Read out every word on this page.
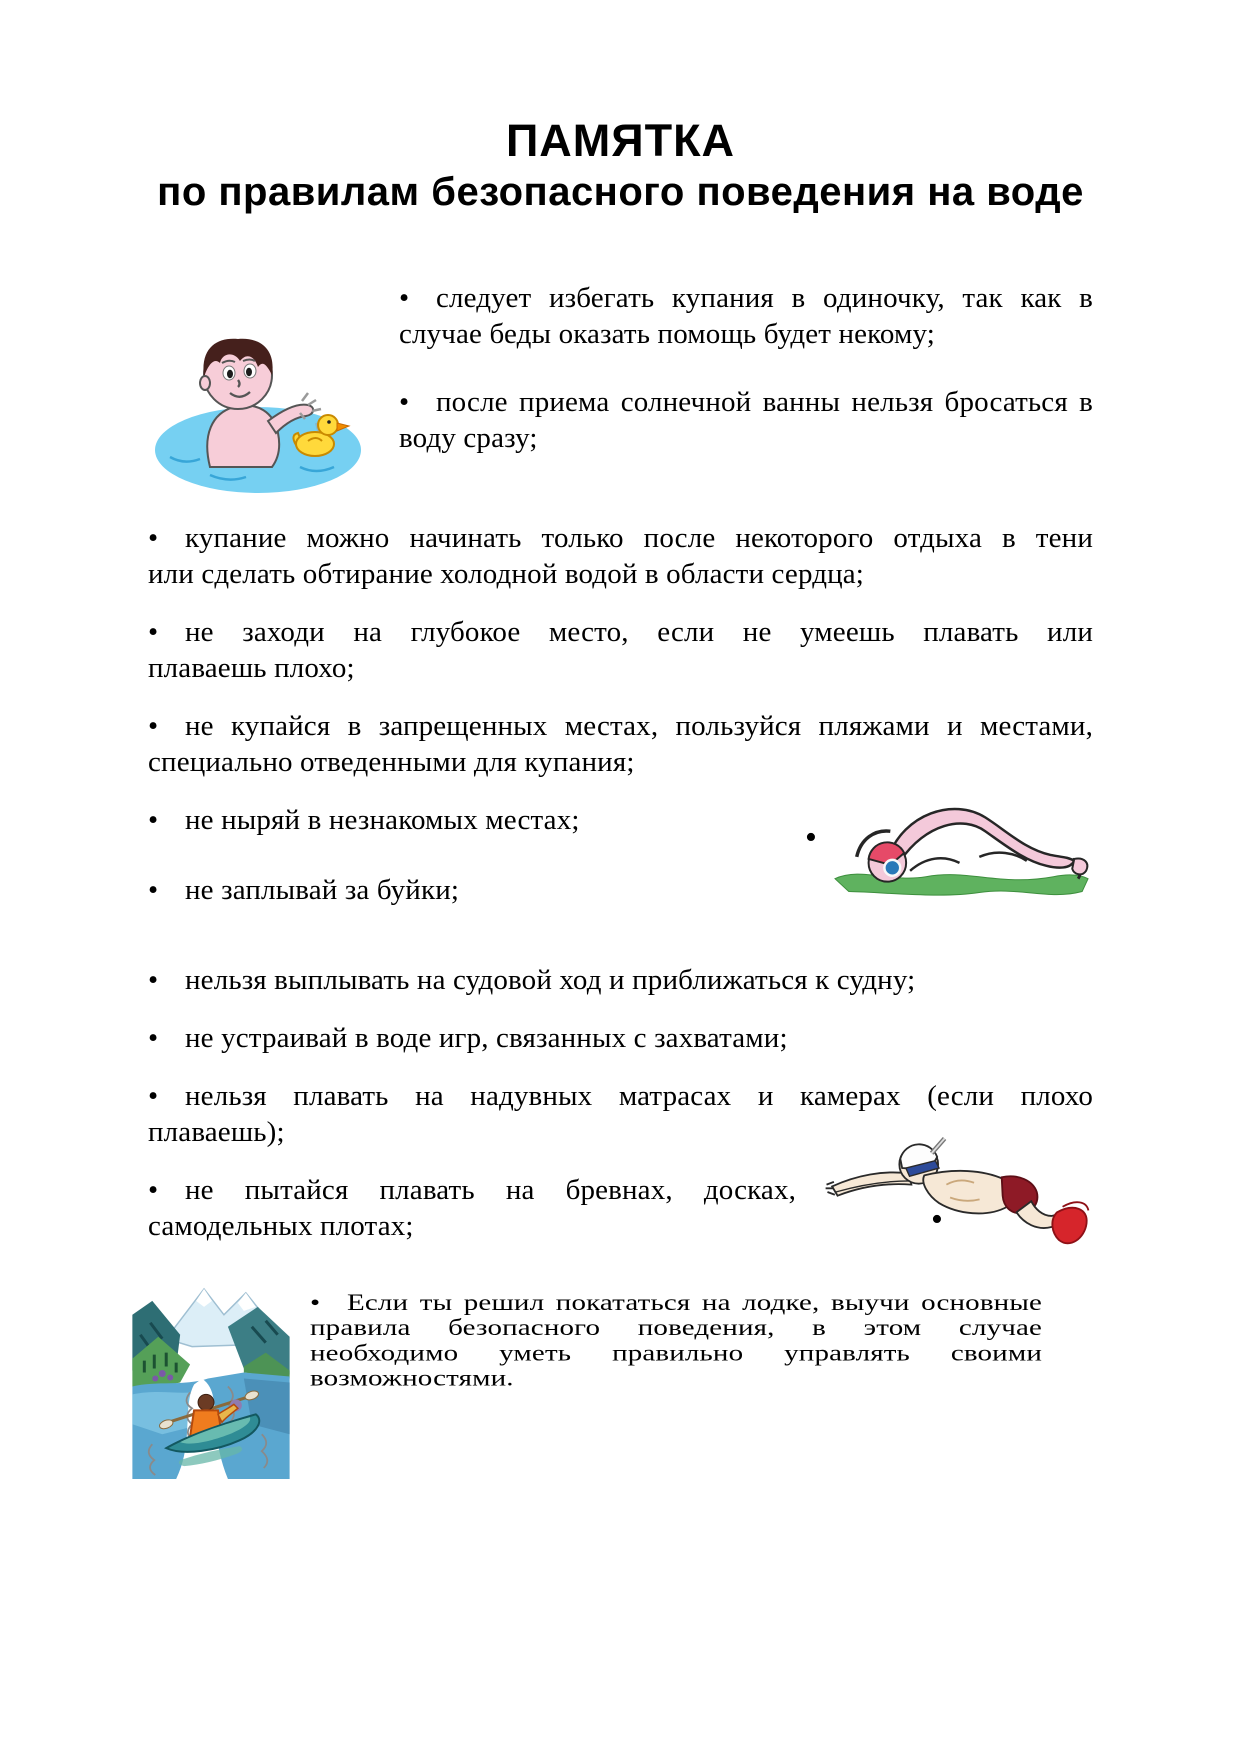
ПАМЯТКА
по правилам безопасного поведения на воде
• следует избегать купания в одиночку, так как в
случае беды оказать помощь будет некому;
• после приема солнечной ванны нельзя бросаться в
воду сразу;
• купание можно начинать только после некоторого отдыха в тени
или сделать обтирание холодной водой в области сердца;
• не заходи на глубокое место, если не умеешь плавать или
плаваешь плохо;
• не купайся в запрещенных местах, пользуйся пляжами и местами,
специально отведенными для купания;
• не ныряй в незнакомых местах;
• не заплывай за буйки;
•
• нельзя выплывать на судовой ход и приближаться к судну;
• не устраивай в воде игр, связанных с захватами;
• нельзя плавать на надувных матрасах и камерах (если плохо
плаваешь);
• не пытайся плавать на бревнах, досках,
самодельных плотах;	•
• Если ты решил покататься на лодке, выучи основные
правила безопасного поведения, в этом случае
необходимо уметь правильно управлять своими
возможностями.
